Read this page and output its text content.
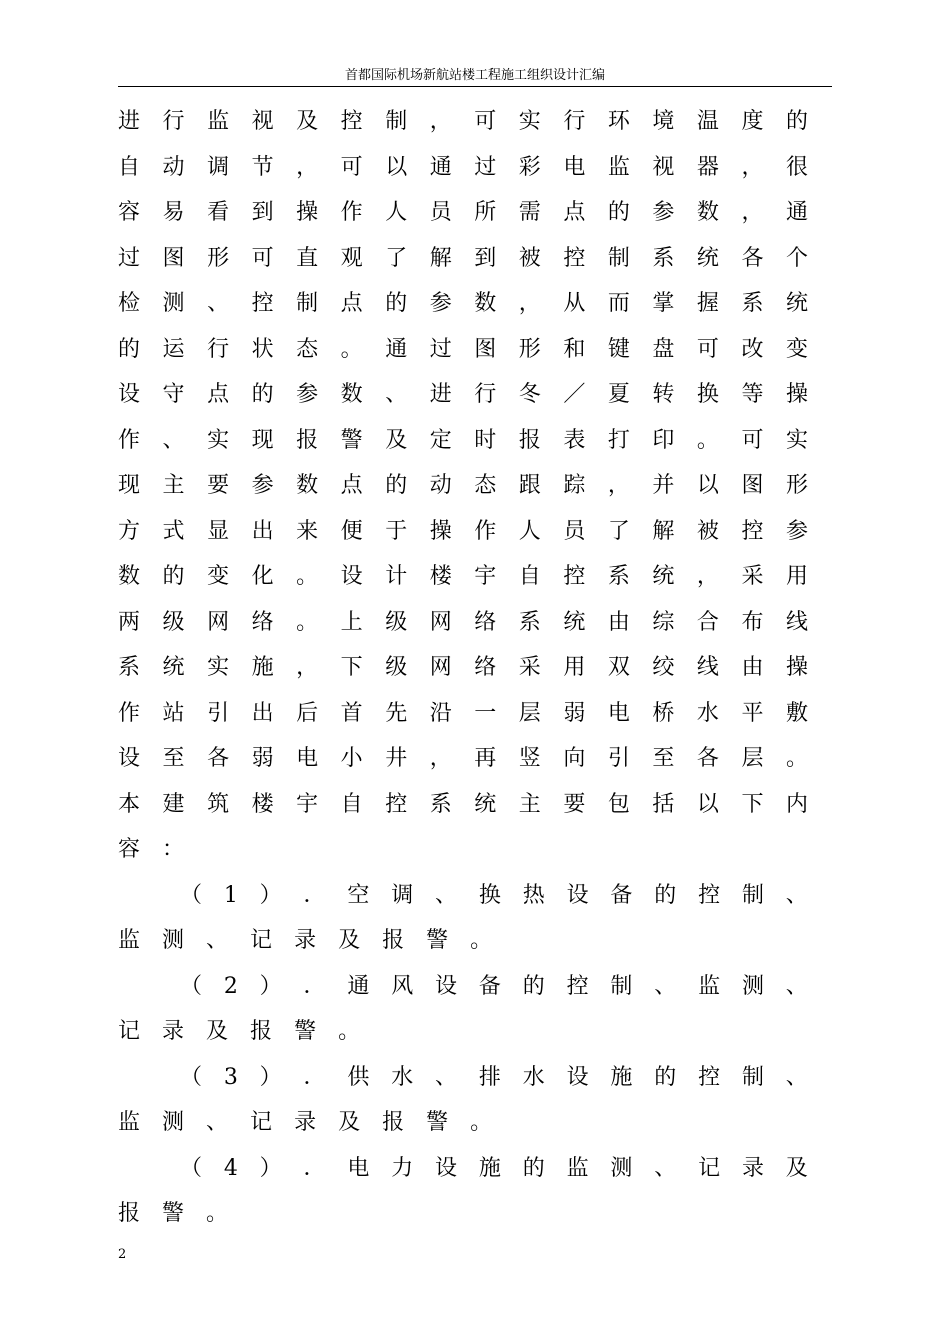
首都国际机场新航站楼工程施工组织设计汇编
进 行 监 视 及 控 制 ， 可 实 行 环 境 温 度 的
自 动 调 节 ， 可 以 通 过 彩 电 监 视 器 ， 很
容 易 看 到 操 作 人 员 所 需 点 的 参 数 ， 通
过 图 形 可 直 观 了 解 到 被 控 制 系 统 各 个
检 测 、 控 制 点 的 参 数 ， 从 而 掌 握 系 统
的 运 行 状 态 。 通 过 图 形 和 键 盘 可 改 变
设 守 点 的 参 数 、 进 行 冬 ／ 夏 转 换 等 操
作 、 实 现 报 警 及 定 时 报 表 打 印 。 可 实
现 主 要 参 数 点 的 动 态 跟 踪 ， 并 以 图 形
方 式 显 出 来 便 于 操 作 人 员 了 解 被 控 参
数 的 变 化 。 设 计 楼 宇 自 控 系 统 ， 采 用
两 级 网 络 。 上 级 网 络 系 统 由 综 合 布 线
系 统 实 施 ， 下 级 网 络 采 用 双 绞 线 由 操
作 站 引 出 后 首 先 沿 一 层 弱 电 桥 水 平 敷
设 至 各 弱 电 小 井 ， 再 竖 向 引 至 各 层 。
本 建 筑 楼 宇 自 控 系 统 主 要 包 括 以 下 内
容 ：
（ 1 ） ． 空 调 、 换 热 设 备 的 控 制 、
监 测 、 记 录 及 报 警 。
（ 2 ） ． 通 风 设 备 的 控 制 、 监 测 、
记 录 及 报 警 。
（ 3 ） ． 供 水 、 排 水 设 施 的 控 制 、
监 测 、 记 录 及 报 警 。
（ 4 ） ． 电 力 设 施 的 监 测 、 记 录 及
报 警 。
2
